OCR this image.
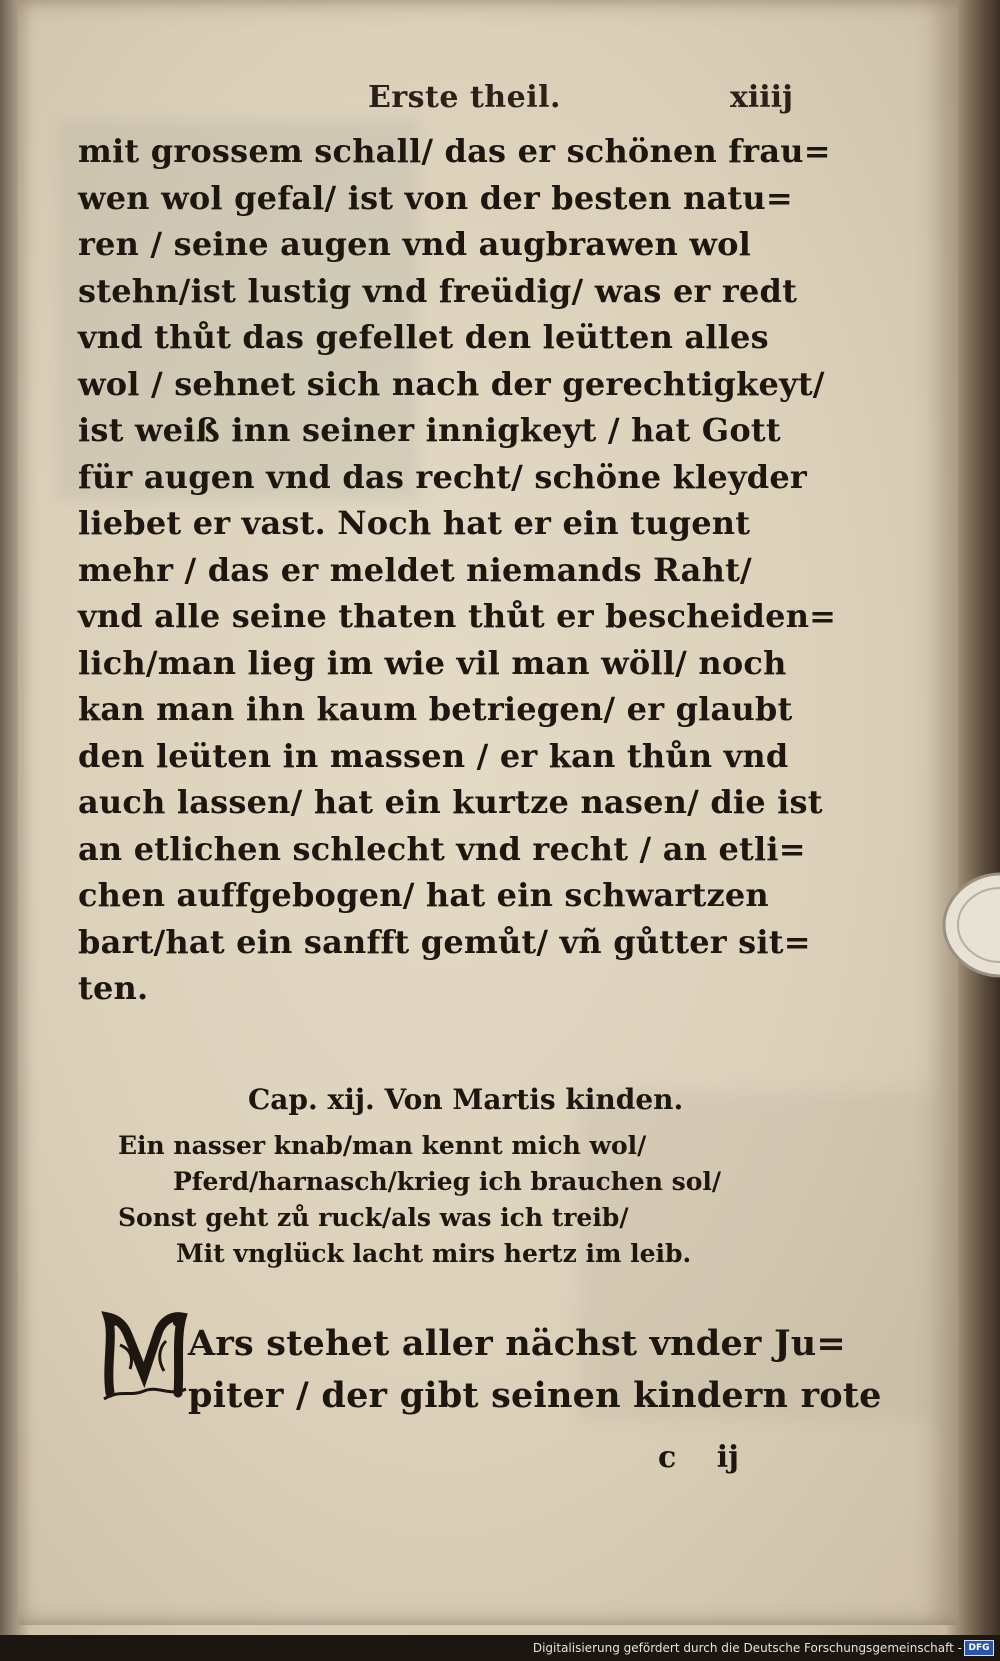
Erste theil.	xiiij
mit grossem schall/ das er schönen frau=
wen wol gefal/ ist von der besten natu=
ren / seine augen vnd augbrawen wol
stehn/ist lustig vnd freüdig/ was er redt
vnd thůt das gefellet den leütten alles
wol / sehnet sich nach der gerechtigkeyt/
ist weiß inn seiner innigkeyt / hat Gott
für augen vnd das recht/ schöne kleyder
liebet er vast. Noch hat er ein tugent
mehr / das er meldet niemands Raht/
vnd alle seine thaten thůt er bescheiden=
lich/man lieg im wie vil man wöll/ noch
kan man ihn kaum betriegen/ er glaubt
den leüten in massen / er kan thůn vnd
auch lassen/ hat ein kurtze nasen/ die ist
an etlichen schlecht vnd recht / an etli=
chen auffgebogen/ hat ein schwartzen
bart/hat ein sanfft gemůt/ vñ gůtter sit=
ten.
Cap. xij. Von Martis kinden.
Ein nasser knab/man kennt mich wol/
Pferd/harnasch/krieg ich brauchen sol/
Sonst geht zů ruck/als was ich treib/
Mit vnglück lacht mirs hertz im leib.
Ars stehet aller nächst vnder Ju=
piter / der gibt seinen kindern rote
c ij
Digitalisierung gefördert durch die Deutsche Forschungsgemeinschaft - DFG
